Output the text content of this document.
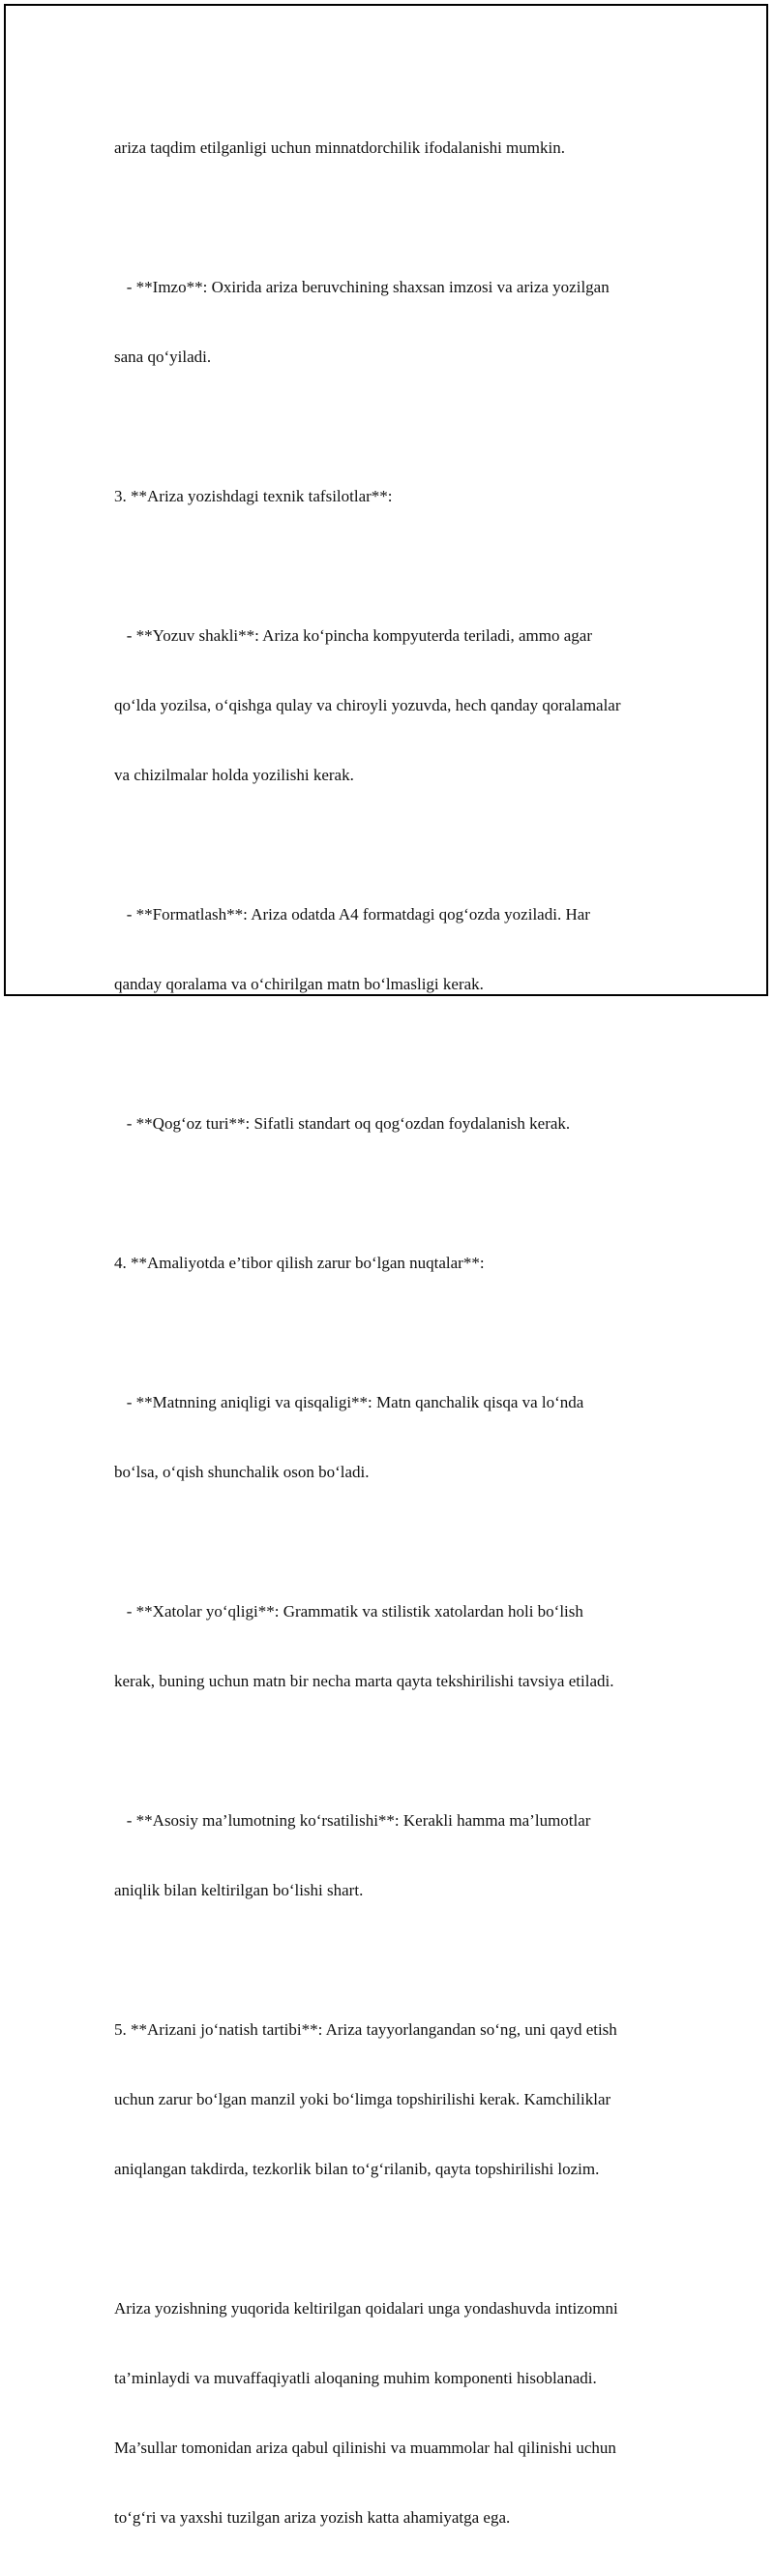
ariza taqdim etilganligi uchun minnatdorchilik ifodalanishi mumkin.

- **Imzo**: Oxirida ariza beruvchining shaxsan imzosi va ariza yozilgan

sana qo‘yiladi.

3. **Ariza yozishdagi texnik tafsilotlar**:

- **Yozuv shakli**: Ariza ko‘pincha kompyuterda teriladi, ammo agar

qo‘lda yozilsa, o‘qishga qulay va chiroyli yozuvda, hech qanday qoralamalar

va chizilmalar holda yozilishi kerak.

- **Formatlash**: Ariza odatda A4 formatdagi qog‘ozda yoziladi. Har

qanday qoralama va o‘chirilgan matn bo‘lmasligi kerak.

- **Qog‘oz turi**: Sifatli standart oq qog‘ozdan foydalanish kerak.

4. **Amaliyotda e’tibor qilish zarur bo‘lgan nuqtalar**:

- **Matnning aniqligi va qisqaligi**: Matn qanchalik qisqa va lo‘nda

bo‘lsa, o‘qish shunchalik oson bo‘ladi.

- **Xatolar yo‘qligi**: Grammatik va stilistik xatolardan holi bo‘lish

kerak, buning uchun matn bir necha marta qayta tekshirilishi tavsiya etiladi.

- **Asosiy ma’lumotning ko‘rsatilishi**: Kerakli hamma ma’lumotlar

aniqlik bilan keltirilgan bo‘lishi shart.

5. **Arizani jo‘natish tartibi**: Ariza tayyorlangandan so‘ng, uni qayd etish

uchun zarur bo‘lgan manzil yoki bo‘limga topshirilishi kerak. Kamchiliklar

aniqlangan takdirda, tezkorlik bilan to‘g‘rilanib, qayta topshirilishi lozim.

Ariza yozishning yuqorida keltirilgan qoidalari unga yondashuvda intizomni

ta’minlaydi va muvaffaqiyatli aloqaning muhim komponenti hisoblanadi.

Ma’sullar tomonidan ariza qabul qilinishi va muammolar hal qilinishi uchun

to‘g‘ri va yaxshi tuzilgan ariza yozish katta ahamiyatga ega.
